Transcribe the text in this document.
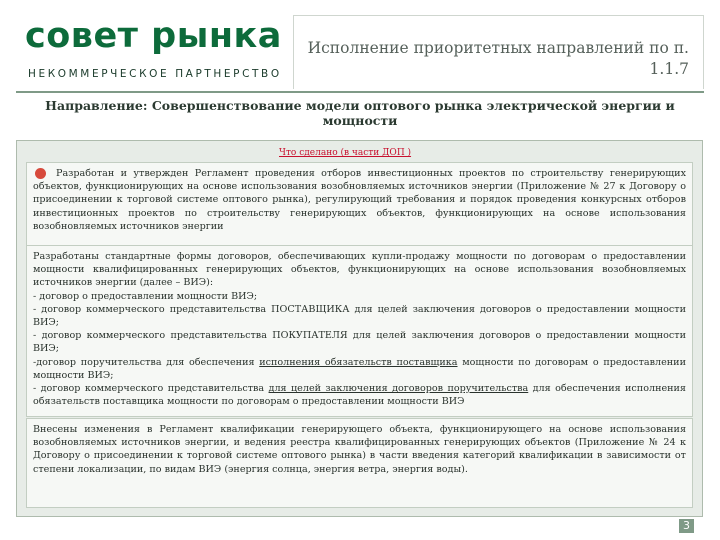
совет рынка
НЕКОММЕРЧЕСКОЕ ПАРТНЕРСТВО
Исполнение приоритетных направлений по п. 1.1.7
Направление: Совершенствование модели оптового рынка электрической энергии и мощности
Что сделано (в части ДОП )
Разработан и утвержден Регламент проведения отборов инвестиционных проектов по строительству генерирующих объектов, функционирующих на основе использования возобновляемых источников энергии (Приложение № 27 к Договору о присоединении к торговой системе оптового рынка), регулирующий требования и порядок проведения конкурсных отборов инвестиционных проектов по строительству генерирующих объектов, функционирующих на основе использования возобновляемых источников энергии
Разработаны стандартные формы договоров, обеспечивающих купли-продажу мощности по договорам о предоставлении мощности квалифицированных генерирующих объектов, функционирующих на основе использования возобновляемых источников энергии (далее – ВИЭ):
- договор о предоставлении мощности ВИЭ;
- договор коммерческого представительства ПОСТАВЩИКА для целей заключения договоров о предоставлении мощности ВИЭ;
- договор коммерческого представительства ПОКУПАТЕЛЯ для целей заключения договоров о предоставлении мощности ВИЭ;
-договор поручительства для обеспечения исполнения обязательств поставщика мощности по договорам о предоставлении мощности ВИЭ;
- договор коммерческого представительства для целей заключения договоров поручительства для обеспечения исполнения обязательств поставщика мощности по договорам о предоставлении мощности ВИЭ
Внесены изменения в Регламент квалификации генерирующего объекта, функционирующего на основе использования возобновляемых источников энергии, и ведения реестра квалифицированных генерирующих объектов (Приложение № 24 к Договору о присоединении к торговой системе оптового рынка) в части введения категорий квалификации в зависимости от степени локализации, по видам ВИЭ (энергия солнца, энергия ветра, энергия воды).
3
